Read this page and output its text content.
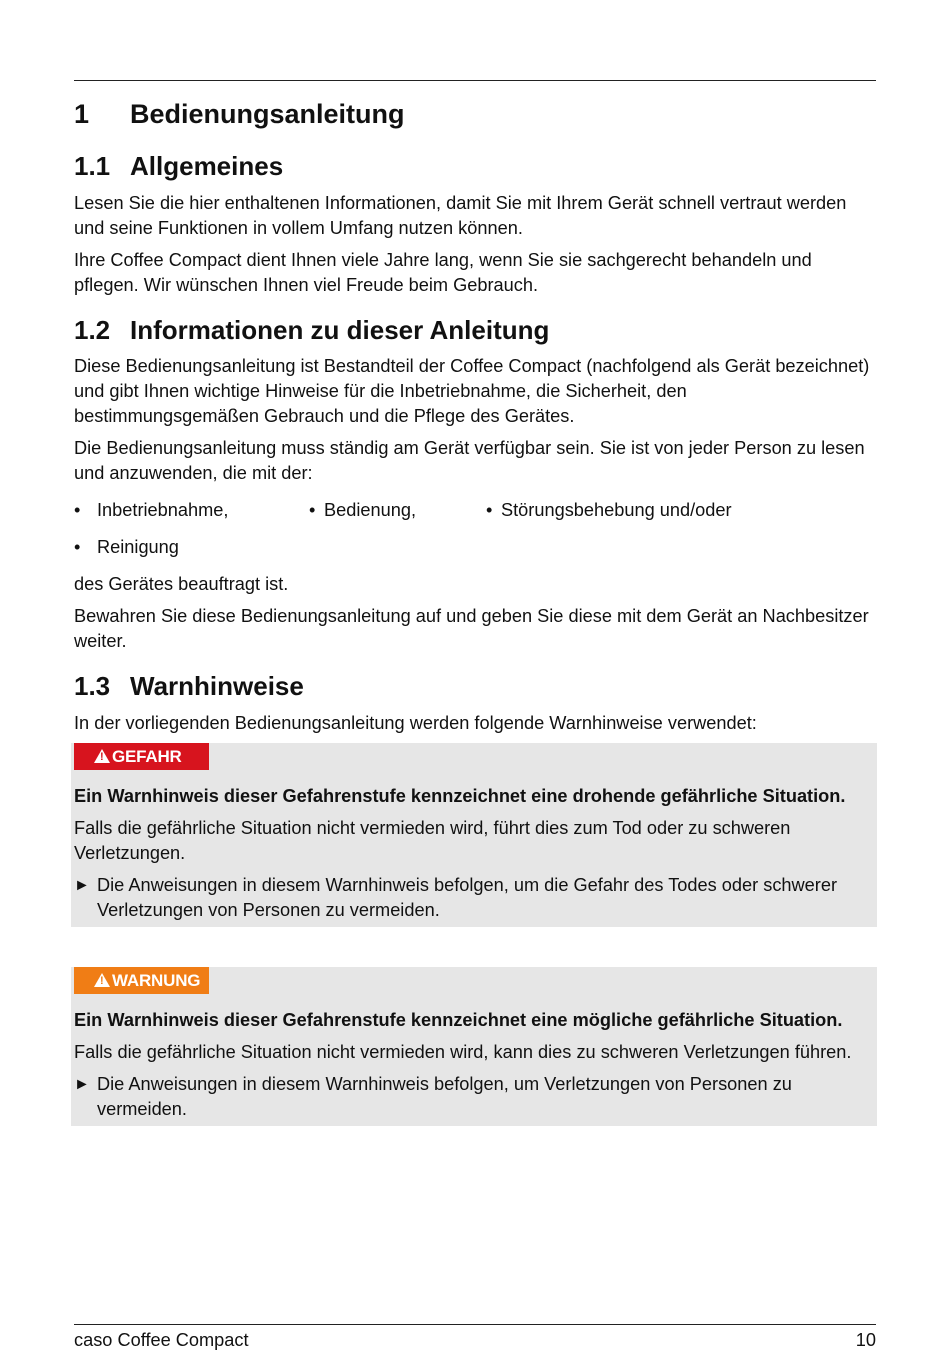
1 Bedienungsanleitung
1.1 Allgemeines

Lesen Sie die hier enthaltenen Informationen, damit Sie mit Ihrem Gerät schnell vertraut werden und seine Funktionen in vollem Umfang nutzen können.

Ihre Coffee Compact dient Ihnen viele Jahre lang, wenn Sie sie sachgerecht behandeln und pflegen. Wir wünschen Ihnen viel Freude beim Gebrauch.

1.2 Informationen zu dieser Anleitung

Diese Bedienungsanleitung ist Bestandteil der Coffee Compact (nachfolgend als Gerät bezeichnet) und gibt Ihnen wichtige Hinweise für die Inbetriebnahme, die Sicherheit, den bestimmungsgemäßen Gebrauch und die Pflege des Gerätes.

Die Bedienungsanleitung muss ständig am Gerät verfügbar sein. Sie ist von jeder Person zu lesen und anzuwenden, die mit der:

• Inbetriebnahme,	• Bedienung,	• Störungsbehebung und/oder
• Reinigung

des Gerätes beauftragt ist.

Bewahren Sie diese Bedienungsanleitung auf und geben Sie diese mit dem Gerät an Nachbesitzer weiter.

1.3 Warnhinweise

In der vorliegenden Bedienungsanleitung werden folgende Warnhinweise verwendet:

!
GEFAHR

Ein Warnhinweis dieser Gefahrenstufe kennzeichnet eine drohende gefährliche Situation.

Falls die gefährliche Situation nicht vermieden wird, führt dies zum Tod oder zu schweren Verletzungen.

► Die Anweisungen in diesem Warnhinweis befolgen, um die Gefahr des Todes oder schwerer Verletzungen von Personen zu vermeiden.
!
WARNUNG

Ein Warnhinweis dieser Gefahrenstufe kennzeichnet eine mögliche gefährliche Situation.

Falls die gefährliche Situation nicht vermieden wird, kann dies zu schweren Verletzungen führen.

► Die Anweisungen in diesem Warnhinweis befolgen, um Verletzungen von Personen zu vermeiden.
caso Coffee Compact	10
